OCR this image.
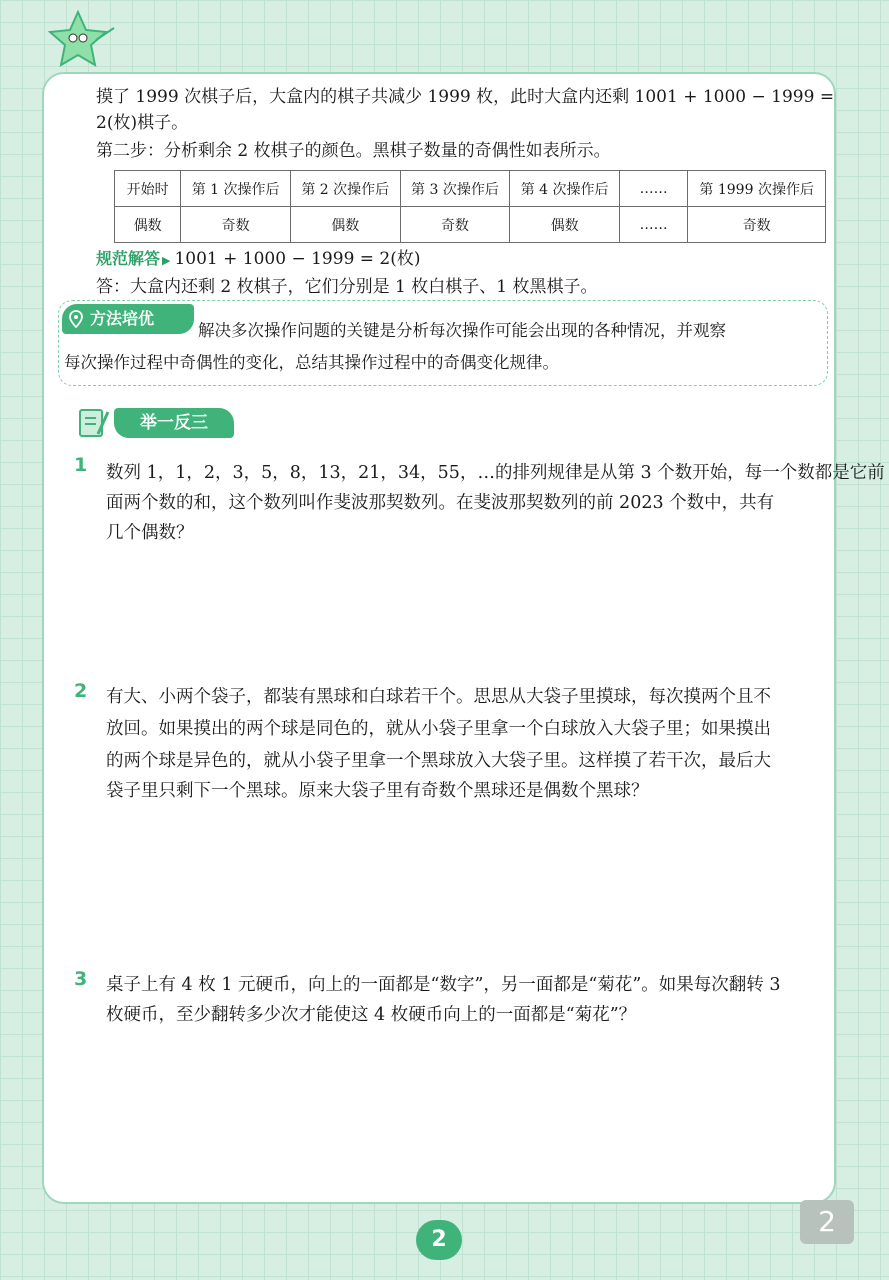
摸了 1999 次棋子后，大盒内的棋子共减少 1999 枚，此时大盒内还剩 1001 + 1000 − 1999 =
2(枚)棋子。
第二步：分析剩余 2 枚棋子的颜色。黑棋子数量的奇偶性如表所示。
开始时	第 1 次操作后	第 2 次操作后	第 3 次操作后	第 4 次操作后	……	第 1999 次操作后
偶数	奇数	偶数	奇数	偶数	……	奇数
规范解答 ▶ 1001 + 1000 − 1999 = 2(枚)
答：大盒内还剩 2 枚棋子，它们分别是 1 枚白棋子、1 枚黑棋子。
方法培优
解决多次操作问题的关键是分析每次操作可能会出现的各种情况，并观察
每次操作过程中奇偶性的变化，总结其操作过程中的奇偶变化规律。
举一反三
1 数列 1，1，2，3，5，8，13，21，34，55，…的排列规律是从第 3 个数开始，每一个数都是它前
面两个数的和，这个数列叫作斐波那契数列。在斐波那契数列的前 2023 个数中，共有
几个偶数？
2 有大、小两个袋子，都装有黑球和白球若干个。思思从大袋子里摸球，每次摸两个且不
放回。如果摸出的两个球是同色的，就从小袋子里拿一个白球放入大袋子里；如果摸出
的两个球是异色的，就从小袋子里拿一个黑球放入大袋子里。这样摸了若干次，最后大
袋子里只剩下一个黑球。原来大袋子里有奇数个黑球还是偶数个黑球？
3 桌子上有 4 枚 1 元硬币，向上的一面都是“数字”，另一面都是“菊花”。如果每次翻转 3
枚硬币，至少翻转多少次才能使这 4 枚硬币向上的一面都是“菊花”？
2
2
